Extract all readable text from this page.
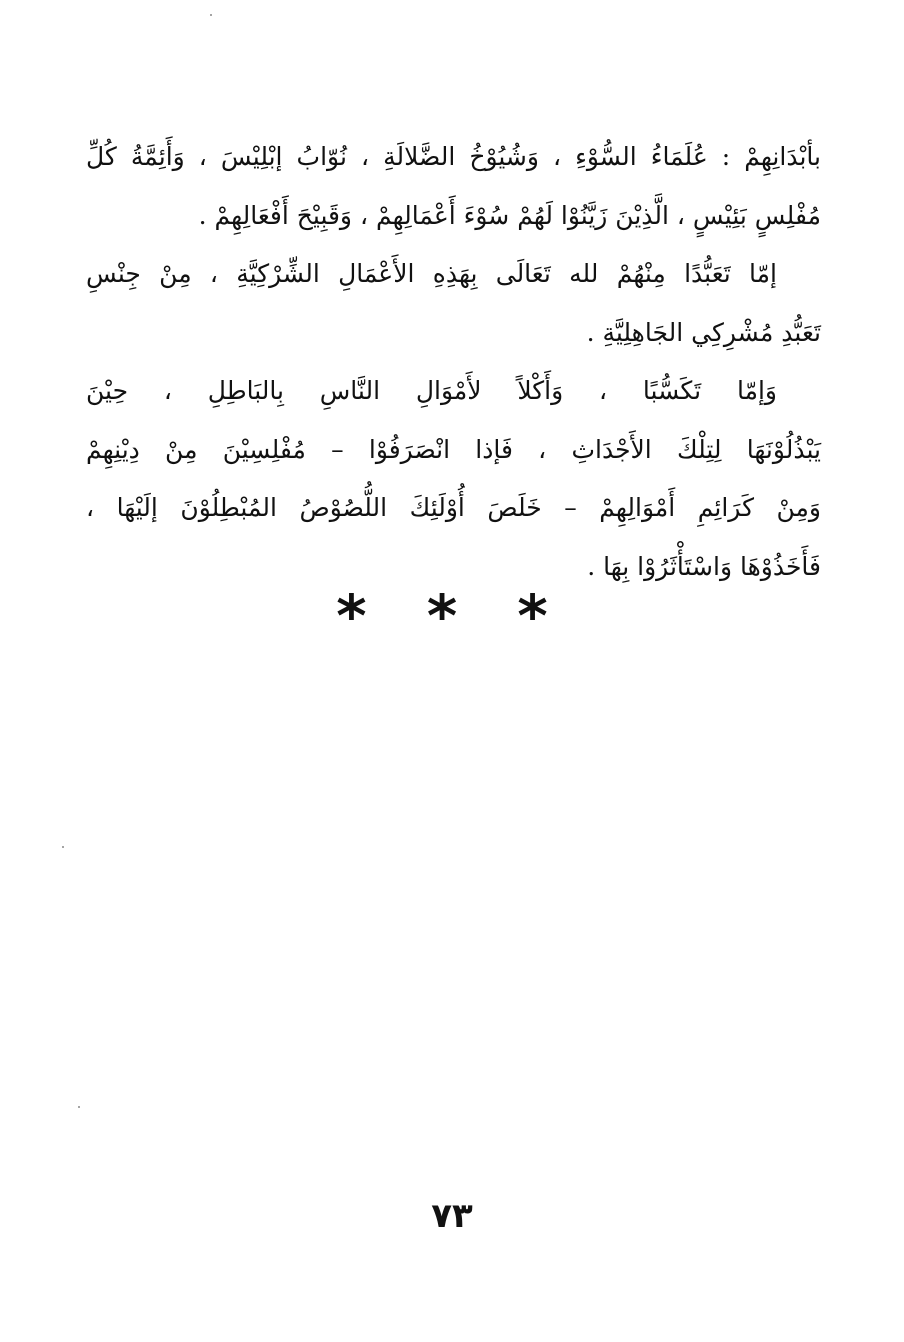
بأبْدَانِهِمْ : عُلَمَاءُ السُّوْءِ ، وَشُيُوْخُ الضَّلالَةِ ، نُوّابُ إبْلِيْسَ ، وَأَئِمَّةُ كُلِّ
مُفْلِسٍ بَئِيْسٍ ، الَّذِيْنَ زَيَّنُوْا لَهُمْ سُوْءَ أَعْمَالِهِمْ ، وَقَبِيْحَ أَفْعَالِهِمْ .
إمّا تَعَبُّدًا مِنْهُمْ لله تَعَالَى بِهَذِهِ الأَعْمَالِ الشِّرْكِيَّةِ ، مِنْ جِنْسِ
تَعَبُّدِ مُشْرِكِي الجَاهِلِيَّةِ .
وَإمّا تَكَسُّبًا ، وَأَكْلاً لأَمْوَالِ النَّاسِ بِالبَاطِلِ ، حِيْنَ
يَبْذُلُوْنَهَا لِتِلْكَ الأَجْدَاثِ ، فَإذا انْصَرَفُوْا – مُفْلِسِيْنَ مِنْ دِيْنِهِمْ
وَمِنْ كَرَائِمِ أَمْوَالِهِمْ – خَلَصَ أُوْلَئِكَ اللُّصُوْصُ المُبْطِلُوْنَ إلَيْهَا ،
فَأَخَذُوْهَا وَاسْتَأْثَرُوْا بِهَا .
* * *
٧٣
